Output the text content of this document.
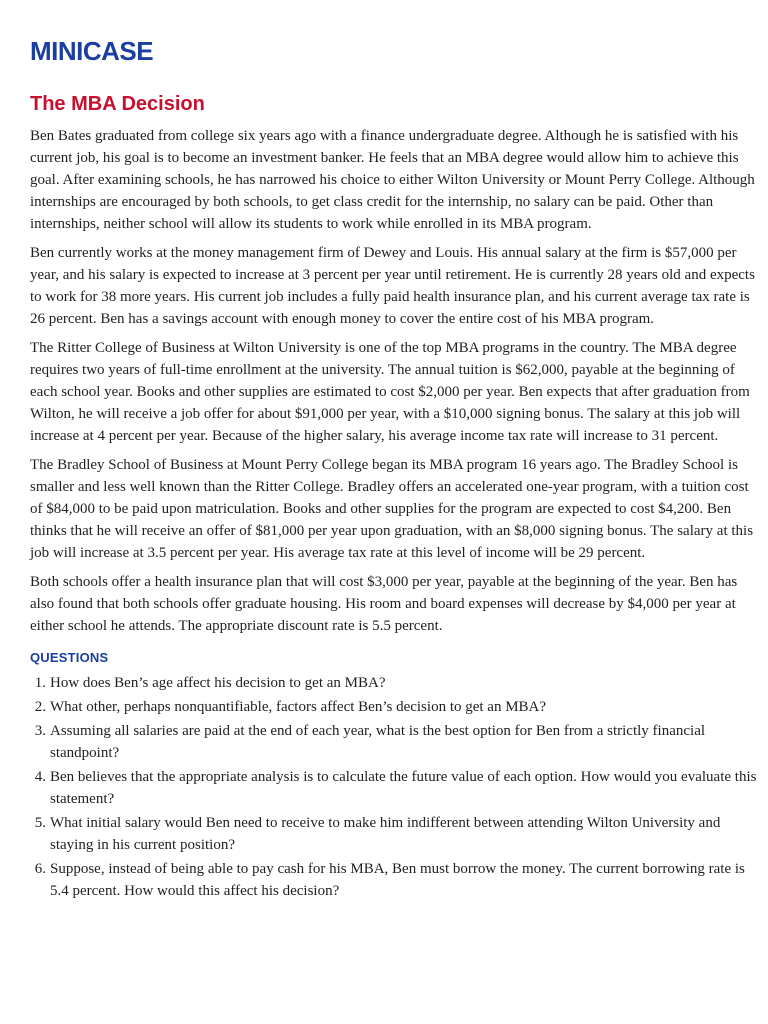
MINICASE
The MBA Decision

Ben Bates graduated from college six years ago with a finance undergraduate degree. Although he is satisfied with his current job, his goal is to become an investment banker. He feels that an MBA degree would allow him to achieve this goal. After examining schools, he has narrowed his choice to either Wilton University or Mount Perry College. Although internships are encouraged by both schools, to get class credit for the internship, no salary can be paid. Other than internships, neither school will allow its students to work while enrolled in its MBA program.

Ben currently works at the money management firm of Dewey and Louis. His annual salary at the firm is $57,000 per year, and his salary is expected to increase at 3 percent per year until retirement. He is currently 28 years old and expects to work for 38 more years. His current job includes a fully paid health insurance plan, and his current average tax rate is 26 percent. Ben has a savings account with enough money to cover the entire cost of his MBA program.

The Ritter College of Business at Wilton University is one of the top MBA programs in the country. The MBA degree requires two years of full-time enrollment at the university. The annual tuition is $62,000, payable at the beginning of each school year. Books and other supplies are estimated to cost $2,000 per year. Ben expects that after graduation from Wilton, he will receive a job offer for about $91,000 per year, with a $10,000 signing bonus. The salary at this job will increase at 4 percent per year. Because of the higher salary, his average income tax rate will increase to 31 percent.

The Bradley School of Business at Mount Perry College began its MBA program 16 years ago. The Bradley School is smaller and less well known than the Ritter College. Bradley offers an accelerated one-year program, with a tuition cost of $84,000 to be paid upon matriculation. Books and other supplies for the program are expected to cost $4,200. Ben thinks that he will receive an offer of $81,000 per year upon graduation, with an $8,000 signing bonus. The salary at this job will increase at 3.5 percent per year. His average tax rate at this level of income will be 29 percent.

Both schools offer a health insurance plan that will cost $3,000 per year, payable at the beginning of the year. Ben has also found that both schools offer graduate housing. His room and board expenses will decrease by $4,000 per year at either school he attends. The appropriate discount rate is 5.5 percent.

QUESTIONS
1. How does Ben’s age affect his decision to get an MBA?
2. What other, perhaps nonquantifiable, factors affect Ben’s decision to get an MBA?
3. Assuming all salaries are paid at the end of each year, what is the best option for Ben from a strictly financial standpoint?
4. Ben believes that the appropriate analysis is to calculate the future value of each option. How would you evaluate this statement?
5. What initial salary would Ben need to receive to make him indifferent between attending Wilton University and staying in his current position?
6. Suppose, instead of being able to pay cash for his MBA, Ben must borrow the money. The current borrowing rate is 5.4 percent. How would this affect his decision?
